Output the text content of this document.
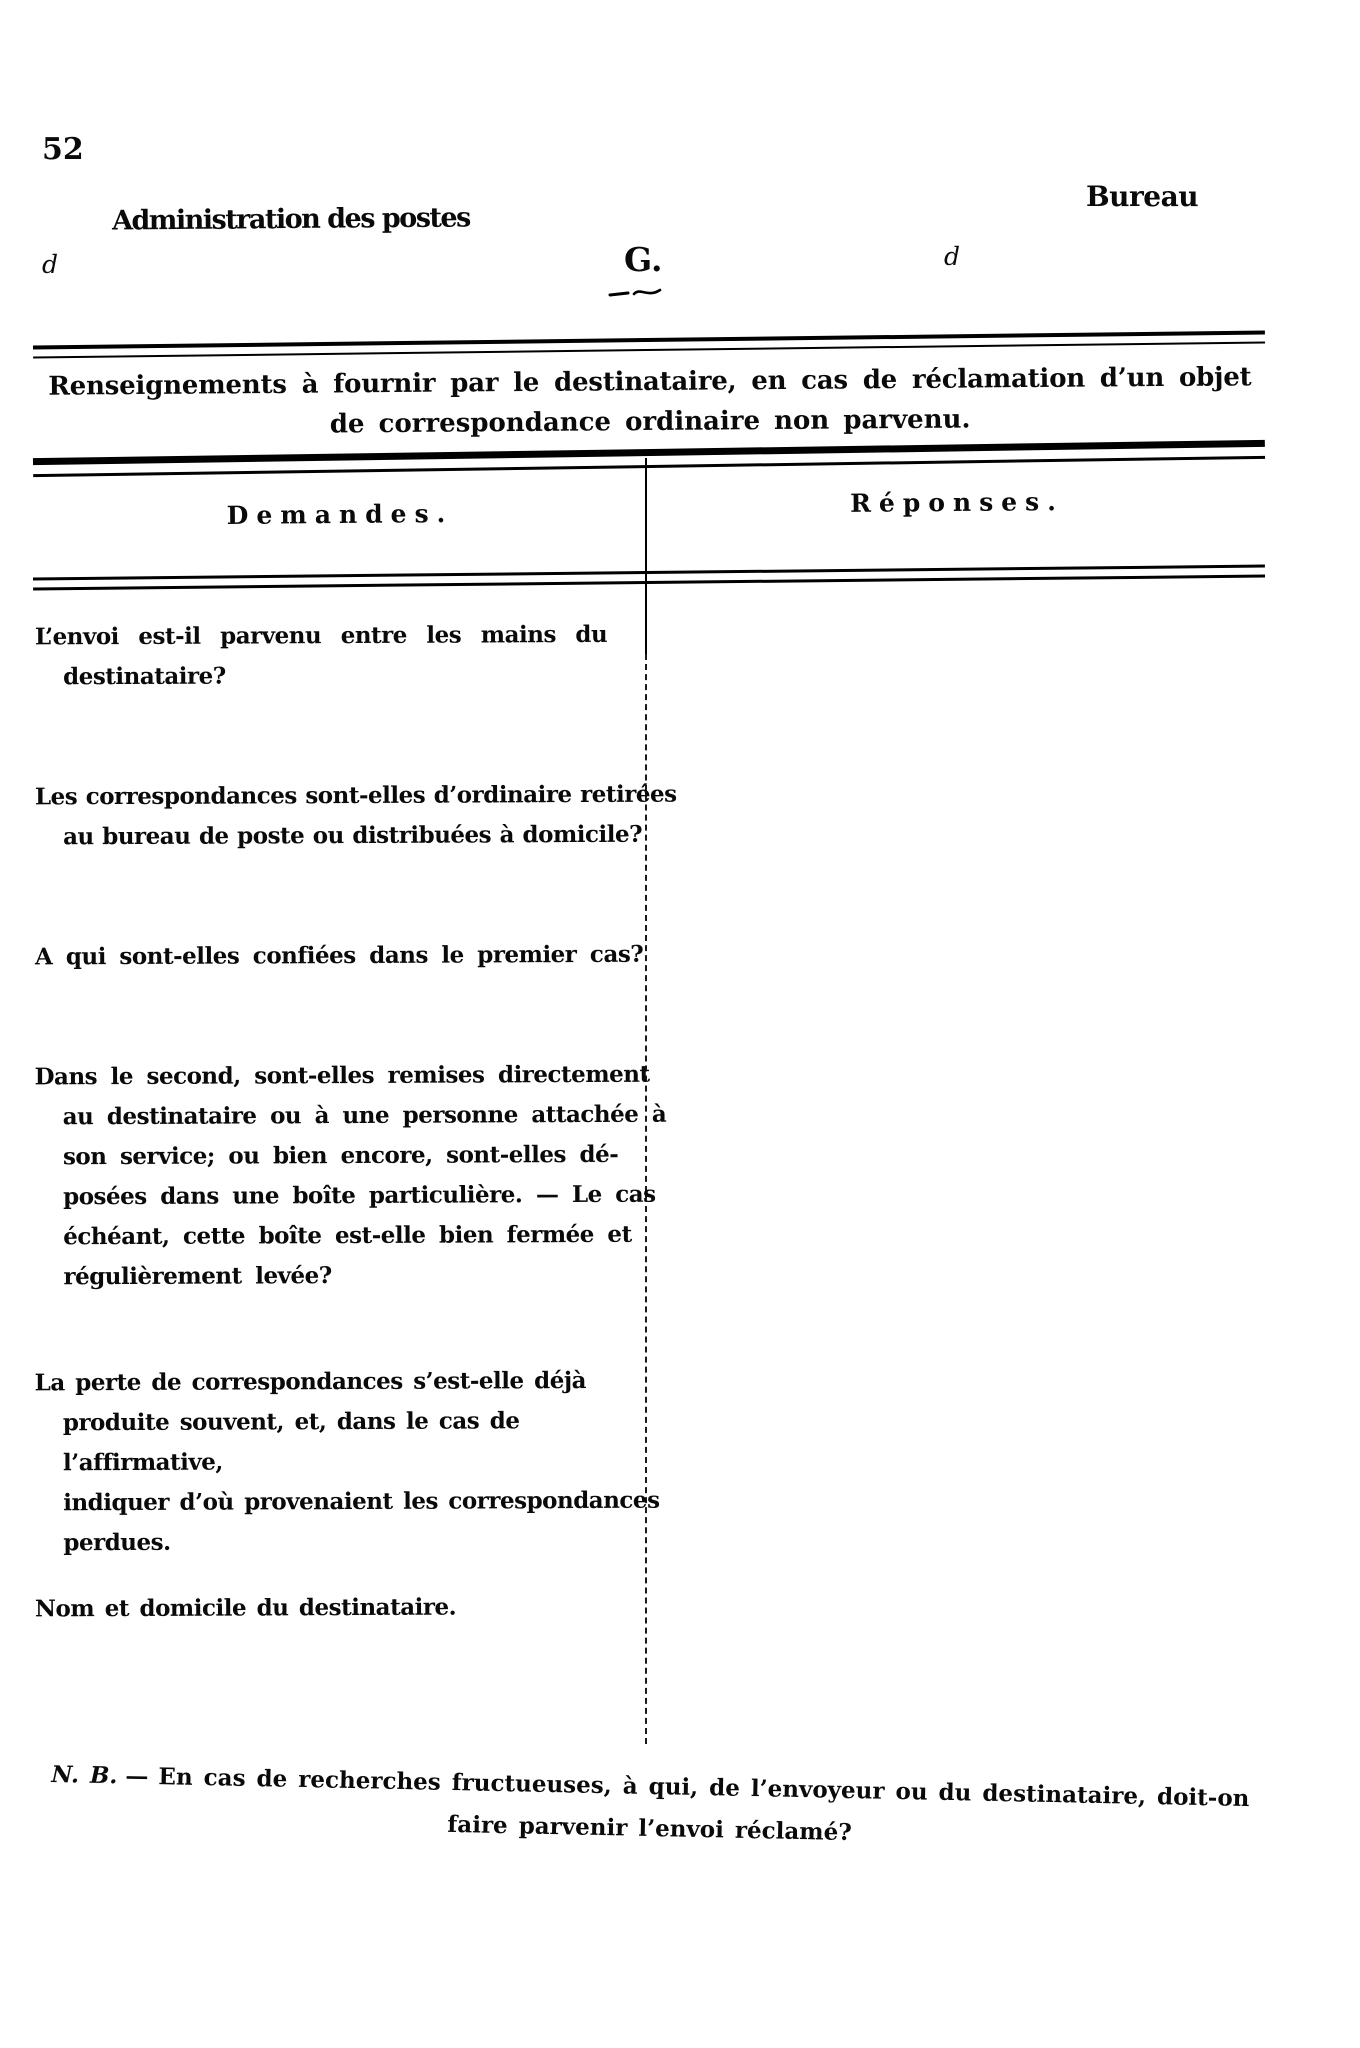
52
Administration des postes
d	G.	d
Bureau
Renseignements à fournir par le destinataire, en cas de réclamation d’un objet
de correspondance ordinaire non parvenu.
Demandes.	Réponses.
L’envoi est-il parvenu entre les mains du
destinataire?
Les correspondances sont-elles d’ordinaire retirées
au bureau de poste ou distribuées à domicile?
A qui sont-elles confiées dans le premier cas?
Dans le second, sont-elles remises directement
au destinataire ou à une personne attachée à
son service; ou bien encore, sont-elles dé-
posées dans une boîte particulière. — Le cas
échéant, cette boîte est-elle bien fermée et
régulièrement levée?
La perte de correspondances s’est-elle déjà
produite souvent, et, dans le cas de l’affirmative,
indiquer d’où provenaient les correspondances
perdues.
Nom et domicile du destinataire.
N. B. — En cas de recherches fructueuses, à qui, de l’envoyeur ou du destinataire, doit-on
faire parvenir l’envoi réclamé?
